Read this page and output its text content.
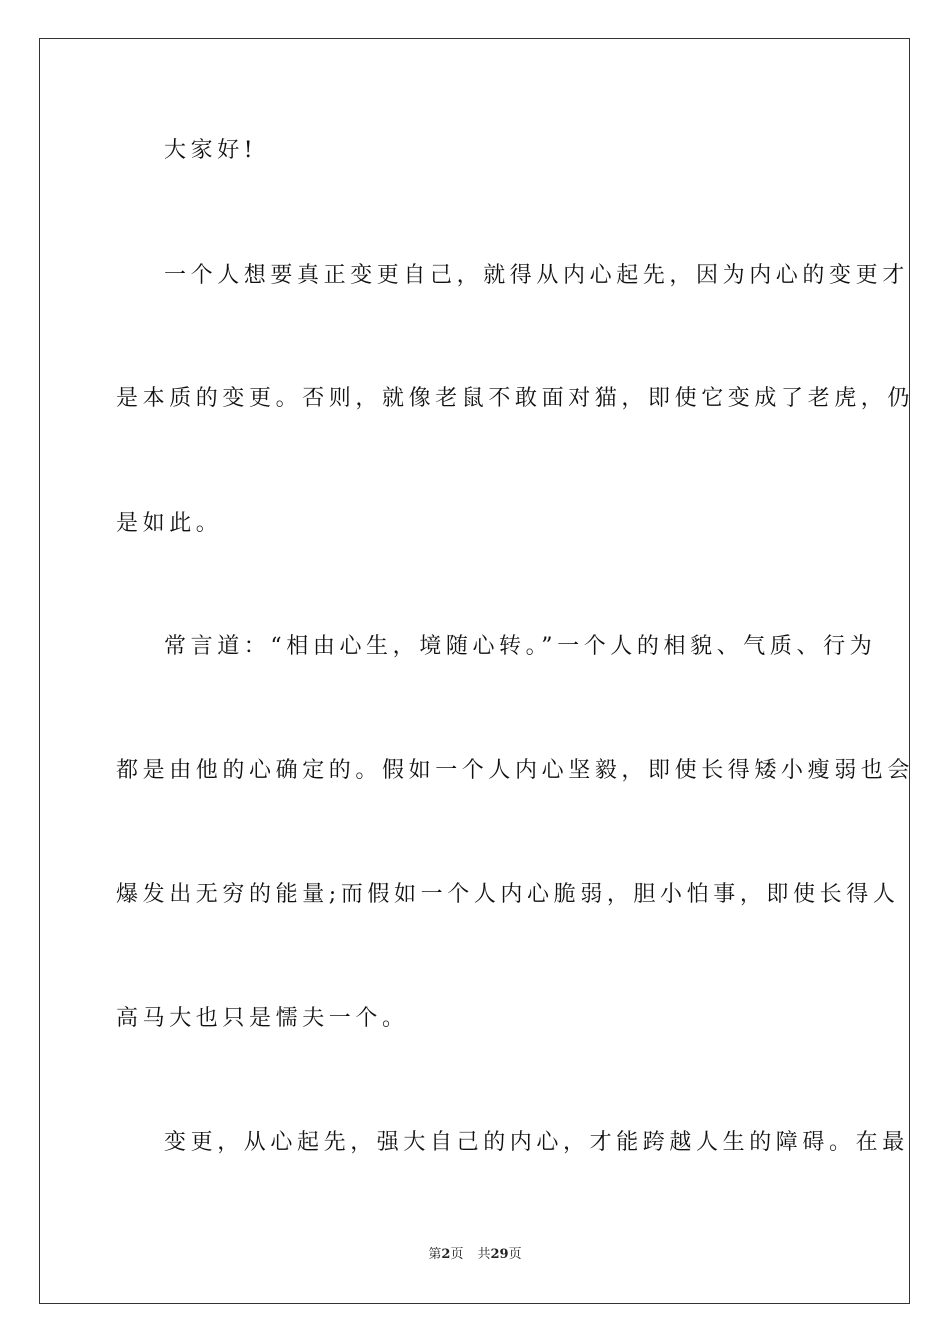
大家好!
一个人想要真正变更自己，就得从内心起先，因为内心的变更才
是本质的变更。否则，就像老鼠不敢面对猫，即使它变成了老虎，仍
是如此。
常言道：“相由心生，境随心转。”一个人的相貌、气质、行为
都是由他的心确定的。假如一个人内心坚毅，即使长得矮小瘦弱也会
爆发出无穷的能量;而假如一个人内心脆弱，胆小怕事，即使长得人
高马大也只是懦夫一个。
变更，从心起先，强大自己的内心，才能跨越人生的障碍。在最
第2页 共29页
